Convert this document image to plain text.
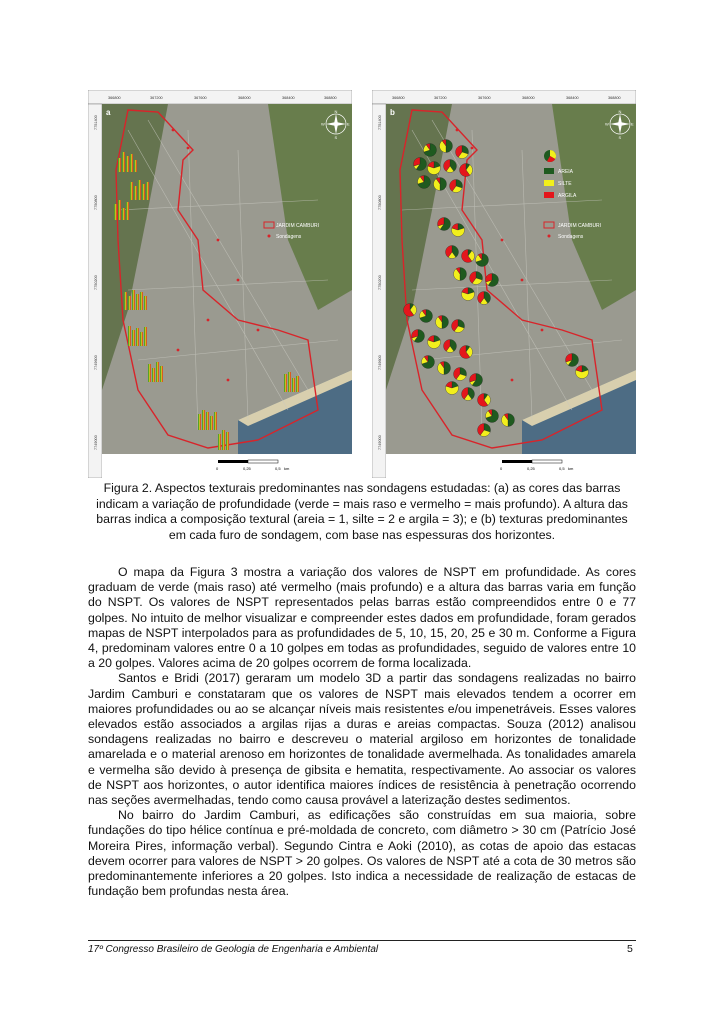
366800	367200	367600	368000	368400	368800
7751400
7750800
7750200
7749600
7749000
N
S
E
W
JARDIM CAMBURI
Sondagens
a
0	0,25	0,5 km
366800	367200	367600	368000	368400	368800
7751400
7750800
7750200
7749600
7749000
N
S
E
W
AREIA
SILTE
ARGILA
JARDIM CAMBURI
Sondagens
b
0	0,25	0,5 km
Figura 2. Aspectos texturais predominantes nas sondagens estudadas: (a) as cores das barras indicam a variação de profundidade (verde = mais raso e vermelho = mais profundo). A altura das barras indica a composição textural (areia = 1, silte = 2 e argila = 3); e (b) texturas predominantes em cada furo de sondagem, com base nas espessuras dos horizontes.

O mapa da Figura 3 mostra a variação dos valores de NSPT em profundidade. As cores graduam de verde (mais raso) até vermelho (mais profundo) e a altura das barras varia em função do NSPT. Os valores de NSPT representados pelas barras estão compreendidos entre 0 e 77 golpes. No intuito de melhor visualizar e compreender estes dados em profundidade, foram gerados mapas de NSPT interpolados para as profundidades de 5, 10, 15, 20, 25 e 30 m. Conforme a Figura 4, predominam valores entre 0 a 10 golpes em todas as profundidades, seguido de valores entre 10 a 20 golpes. Valores acima de 20 golpes ocorrem de forma localizada.

Santos e Bridi (2017) geraram um modelo 3D a partir das sondagens realizadas no bairro Jardim Camburi e constataram que os valores de NSPT mais elevados tendem a ocorrer em maiores profundidades ou ao se alcançar níveis mais resistentes e/ou impenetráveis. Esses valores elevados estão associados a argilas rijas a duras e areias compactas. Souza (2012) analisou sondagens realizadas no bairro e descreveu o material argiloso em horizontes de tonalidade amarelada e o material arenoso em horizontes de tonalidade avermelhada. As tonalidades amarela e vermelha são devido à presença de gibsita e hematita, respectivamente. Ao associar os valores de NSPT aos horizontes, o autor identifica maiores índices de resistência à penetração ocorrendo nas seções avermelhadas, tendo como causa provável a laterização destes sedimentos.

No bairro do Jardim Camburi, as edificações são construídas em sua maioria, sobre fundações do tipo hélice contínua e pré-moldada de concreto, com diâmetro > 30 cm (Patrício José Moreira Pires, informação verbal). Segundo Cintra e Aoki (2010), as cotas de apoio das estacas devem ocorrer para valores de NSPT > 20 golpes. Os valores de NSPT até a cota de 30 metros são predominantemente inferiores a 20 golpes. Isto indica a necessidade de realização de estacas de fundação bem profundas nesta área.

17º Congresso Brasileiro de Geologia de Engenharia e Ambiental	5
